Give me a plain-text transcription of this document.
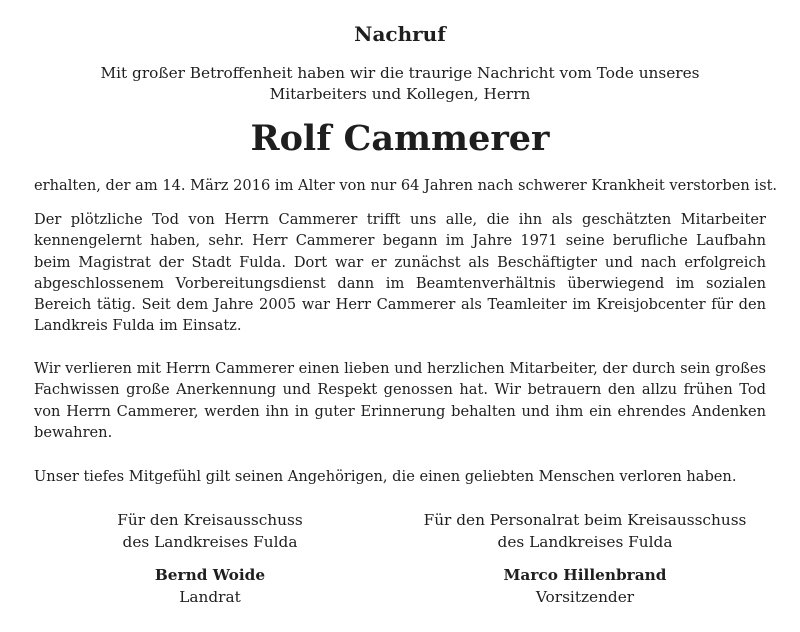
Nachruf
Mit großer Betroffenheit haben wir die traurige Nachricht vom Tode unseres
Mitarbeiters und Kollegen, Herrn
Rolf Cammerer

erhalten, der am 14. März 2016 im Alter von nur 64 Jahren nach schwerer Krankheit verstorben ist.

Der plötzliche Tod von Herrn Cammerer trifft uns alle, die ihn als geschätzten Mitarbeiter kennengelernt haben, sehr. Herr Cammerer begann im Jahre 1971 seine berufliche Laufbahn beim Magistrat der Stadt Fulda. Dort war er zunächst als Beschäftigter und nach erfolgreich abgeschlossenem Vorbereitungsdienst dann im Beamtenverhältnis überwiegend im sozialen Bereich tätig. Seit dem Jahre 2005 war Herr Cammerer als Teamleiter im Kreisjobcenter für den Landkreis Fulda im Einsatz.

Wir verlieren mit Herrn Cammerer einen lieben und herzlichen Mitarbeiter, der durch sein großes Fachwissen große Anerkennung und Respekt genossen hat. Wir betrauern den allzu frühen Tod von Herrn Cammerer, werden ihn in guter Erinnerung behalten und ihm ein ehrendes Andenken bewahren.

Unser tiefes Mitgefühl gilt seinen Angehörigen, die einen geliebten Menschen verloren haben.

Für den Kreisausschuss
des Landkreises Fulda
Bernd Woide
Landrat
Für den Personalrat beim Kreisausschuss
des Landkreises Fulda
Marco Hillenbrand
Vorsitzender
